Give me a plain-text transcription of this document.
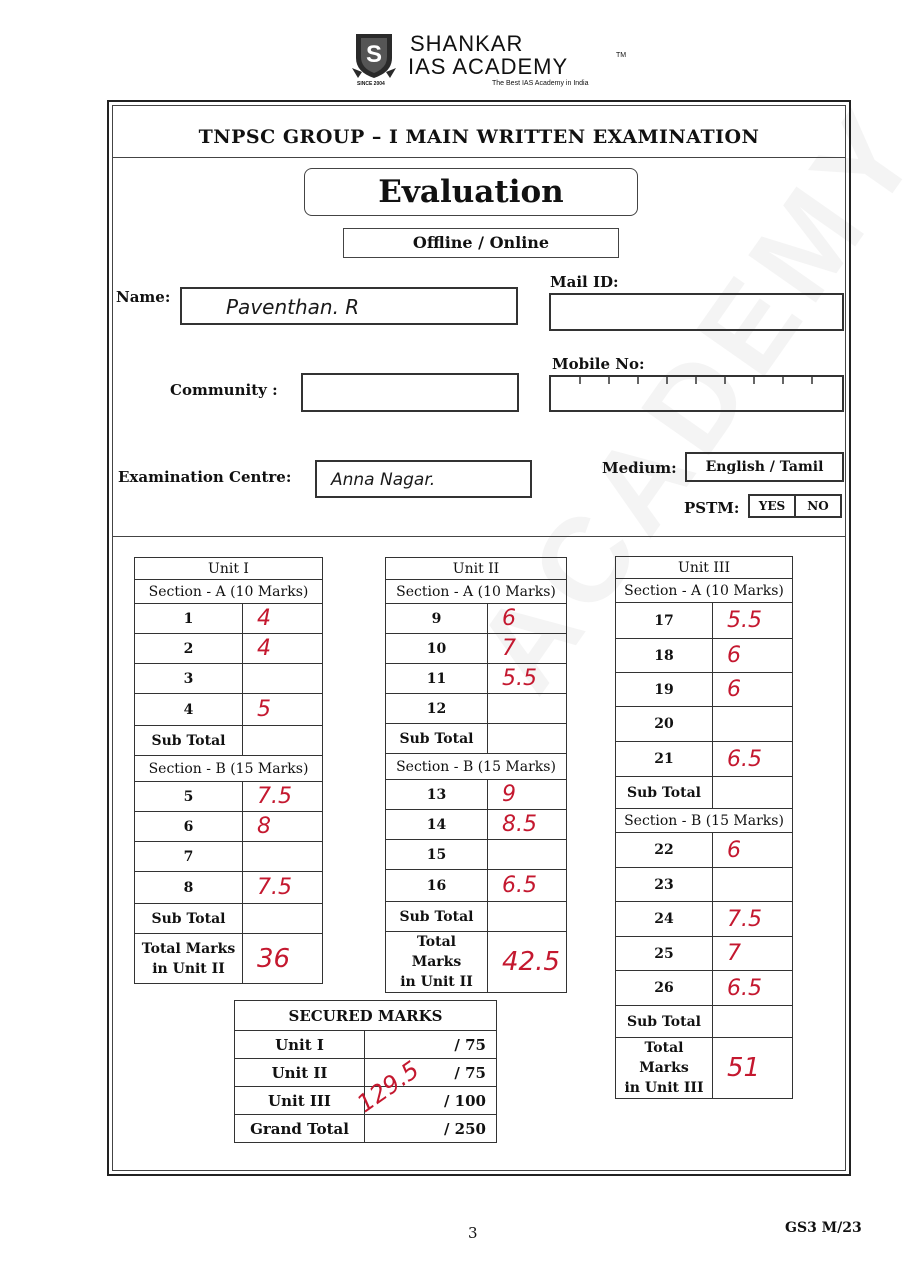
S
SINCE 2004
SHANKAR
IAS ACADEMY	TM
The Best IAS Academy in India
TNPSC GROUP – I MAIN WRITTEN EXAMINATION
Evaluation
Offline / Online
Name:	Paventhan. R
Mail ID:
Mobile No:
Community :
Examination Centre: Anna Nagar.
Medium:	English / Tamil
PSTM:	YES	NO
Unit I	
Section - A (10 Marks)	
1	4
2	4
3	
4	5
Sub Total	
Section - B (15 Marks)	
5	7.5
6	8
7	
8	7.5
Sub Total	

Total Marks
in Unit II	36
Unit II	
Section - A (10 Marks)	
9	6
10	7
11	5.5
12	
Sub Total	
Section - B (15 Marks)	
13	9
14	8.5
15	
16	6.5
Sub Total	

Total Marks
in Unit II	42.5
Unit III	
Section - A (10 Marks)	
17	5.5
18	6
19	6
20	
21	6.5
Sub Total	
Section - B (15 Marks)	
22	6
23	
24	7.5
25	7
26	6.5
Sub Total	

Total Marks
in Unit III	51
SECURED MARKS	
Unit I	/ 75
Unit II	/ 75
Unit III	/ 100
Grand Total	/ 250
129.5
3	GS3 M/23
